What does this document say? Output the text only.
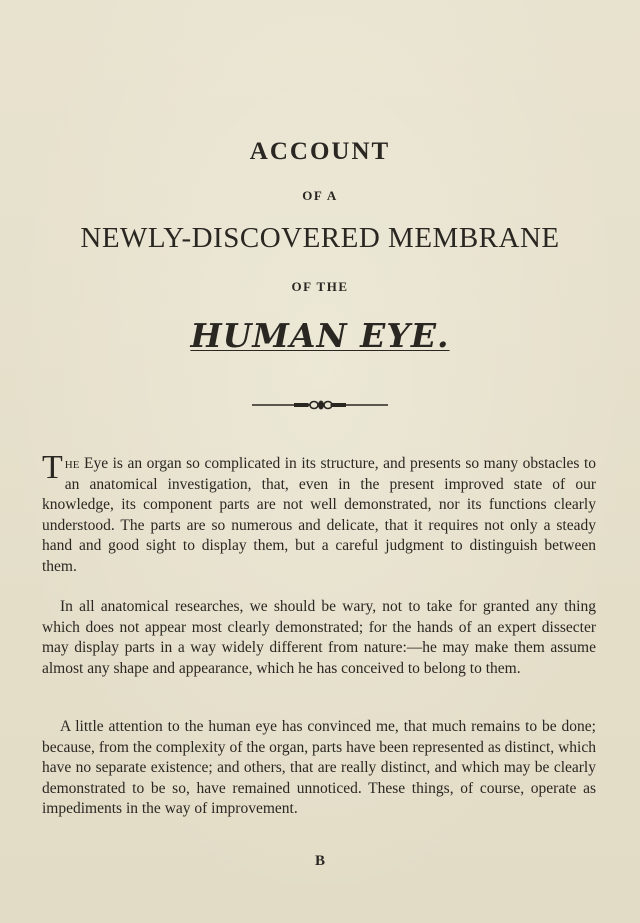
ACCOUNT
OF A
NEWLY-DISCOVERED MEMBRANE
OF THE
HUMAN EYE.

The Eye is an organ so complicated in its structure, and presents so many obstacles to an anatomical investigation, that, even in the present improved state of our knowledge, its component parts are not well demonstrated, nor its functions clearly understood. The parts are so numerous and delicate, that it requires not only a steady hand and good sight to display them, but a careful judgment to distinguish between them.

In all anatomical researches, we should be wary, not to take for granted any thing which does not appear most clearly demonstrated; for the hands of an expert dissecter may display parts in a way widely different from nature:—he may make them assume almost any shape and appearance, which he has conceived to belong to them.

A little attention to the human eye has convinced me, that much remains to be done; because, from the complexity of the organ, parts have been represented as distinct, which have no separate existence; and others, that are really distinct, and which may be clearly demonstrated to be so, have remained unnoticed. These things, of course, operate as impediments in the way of improvement.

B
